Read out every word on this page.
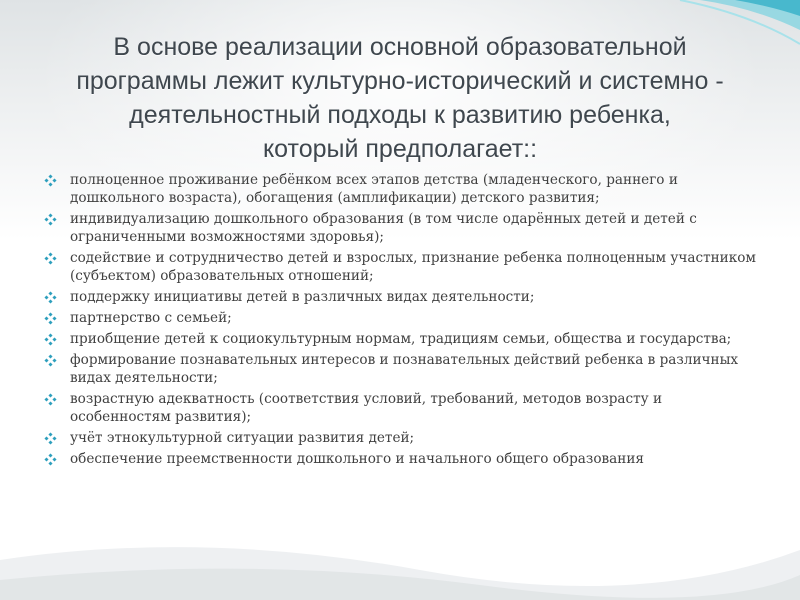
В основе реализации основной образовательной
программы лежит культурно-исторический и системно -
деятельностный подходы к развитию ребенка,
который предполагает::
полноценное проживание ребёнком всех этапов детства (младенческого, раннего и дошкольного возраста), обогащения (амплификации) детского развития;
индивидуализацию дошкольного образования (в том числе одарённых детей и детей с ограниченными возможностями здоровья);
содействие и сотрудничество детей и взрослых, признание ребенка полноценным участником (субъектом) образовательных отношений;
поддержку инициативы детей в различных видах деятельности;
партнерство с семьей;
приобщение детей к социокультурным нормам, традициям семьи, общества и государства;
формирование познавательных интересов и познавательных действий ребенка в различных видах деятельности;
возрастную адекватность (соответствия условий, требований, методов возрасту и особенностям развития);
учёт этнокультурной ситуации развития детей;
обеспечение преемственности дошкольного и начального общего образования
